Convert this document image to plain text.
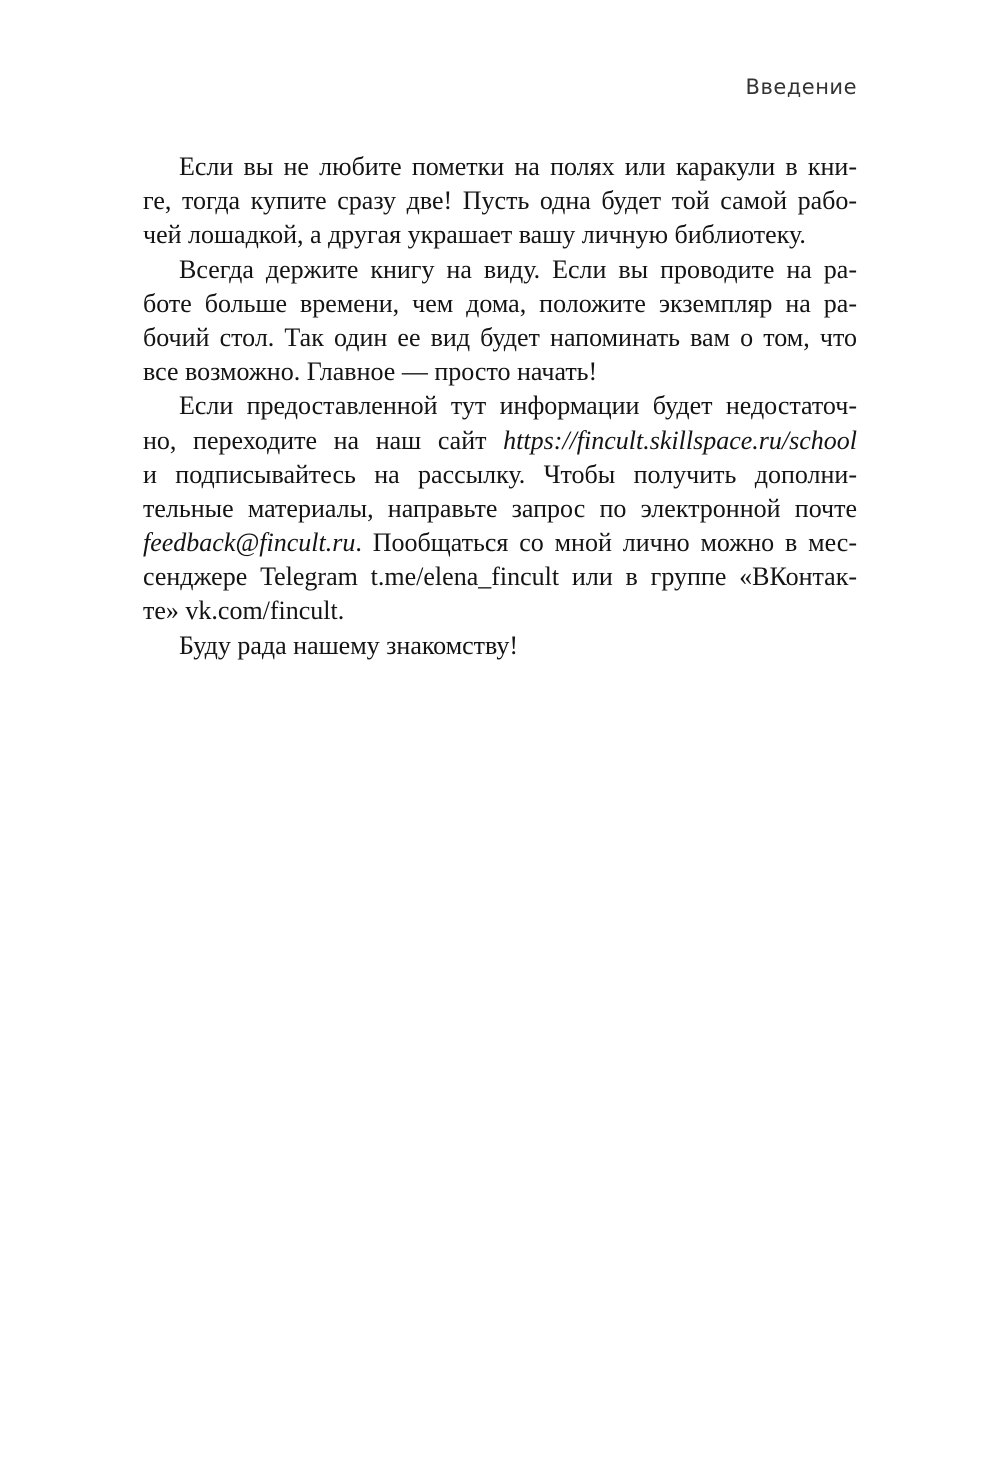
Введение
Если вы не любите пометки на полях или каракули в кни-
ге, тогда купите сразу две! Пусть одна будет той самой рабо-
чей лошадкой, а другая украшает вашу личную библиотеку.
Всегда держите книгу на виду. Если вы проводите на ра-
боте больше времени, чем дома, положите экземпляр на ра-
бочий стол. Так один ее вид будет напоминать вам о том, что
все возможно. Главное — просто начать!
Если предоставленной тут информации будет недостаточ-
но, переходите на наш сайт https://fincult.skillspace.ru/school
и подписывайтесь на рассылку. Чтобы получить дополни-
тельные материалы, направьте запрос по электронной почте
feedback@fincult.ru. Пообщаться со мной лично можно в мес-
сенджере Telegram t.me/elena_fincult или в группе «ВКонтак-
те» vk.com/fincult.
Буду рада нашему знакомству!
